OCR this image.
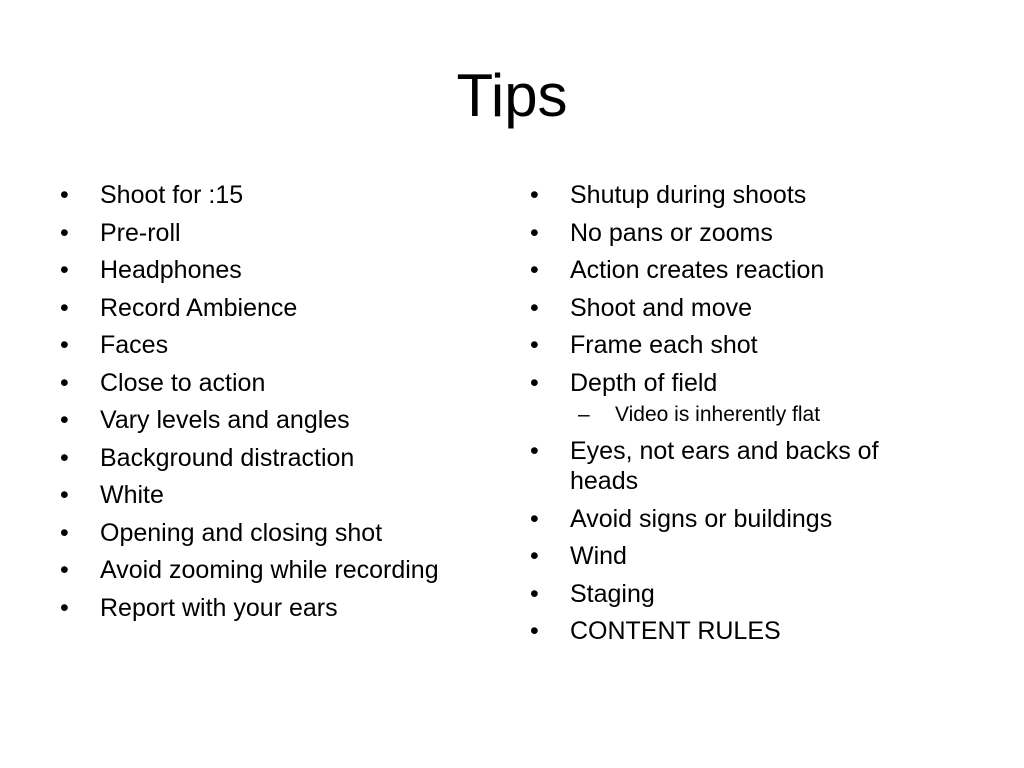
Tips
•	Shoot for :15
•	Pre-roll
•	Headphones
•	Record Ambience
•	Faces
•	Close to action
•	Vary levels and angles
•	Background distraction
•	White
•	Opening and closing shot
•	Avoid zooming while recording
•	Report with your ears
•	Shutup during shoots
•	No pans or zooms
•	Action creates reaction
•	Shoot and move
•	Frame each shot
•	Depth of field
–	Video is inherently flat
•	Eyes, not ears and backs of heads
•	Avoid signs or buildings
•	Wind
•	Staging
•	CONTENT RULES
